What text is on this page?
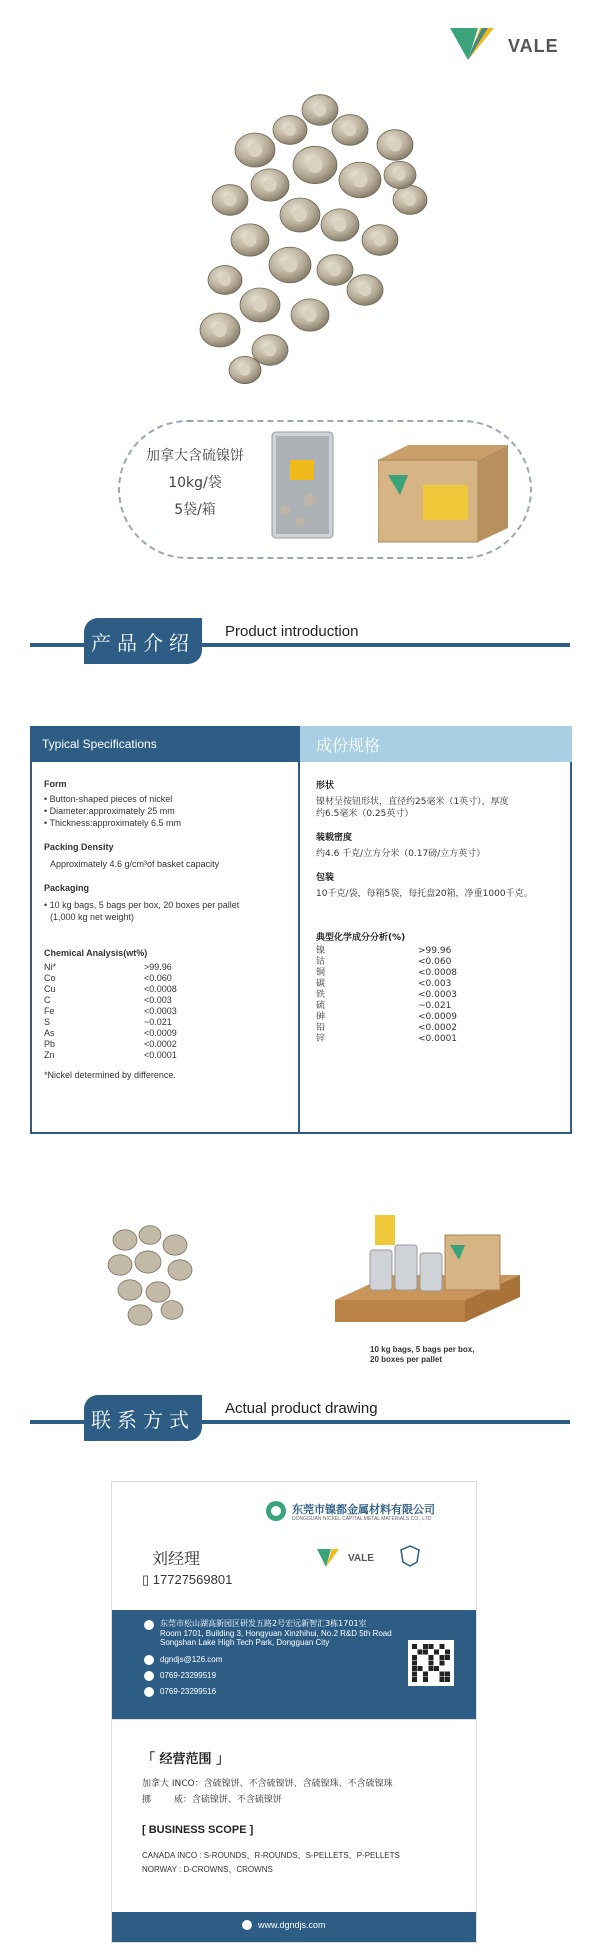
VALE
加拿大含硫镍饼
10kg/袋
5袋/箱
产品介绍	Product introduction
Typical Specifications	成份规格
Form
• Button-shaped pieces of nickel
• Diameter:approximately 25 mm
• Thickness:approximately 6.5 mm
Packing Density
Approximately 4.6 g/cm³of basket capacity
Packaging
• 10 kg bags, 5 bags per box, 20 boxes per pallet
(1,000 kg net weight)
Chemical Analysis(wt%)
Ni*	>99.96
Co	<0.060
Cu	<0.0008
C	<0.003
Fe	<0.0003
S	~0.021
As	<0.0009
Pb	<0.0002
Zn	<0.0001
*Nickel determined by difference.
形状
镍材呈按钮形状，直径约25毫米（1英寸），厚度
约6.5毫米（0.25英寸）
装载密度
约4.6 千克/立方分米（0.17磅/立方英寸）
包装
10千克/袋，每箱5袋，每托盘20箱，净重1000千克。
典型化学成分分析(%)
镍	>99.96
钴	<0.060
铜	<0.0008
碳	<0.003
铁	<0.0003
硫	~0.021
砷	<0.0009
铅	<0.0002
锌	<0.0001
10 kg bags, 5 bags per box,
20 boxes per pallet
联系方式	Actual product drawing
东莞市镍都金属材料有限公司
DONGGUAN NICKEL CAPITAL METAL MATERIALS CO., LTD
刘经理
▯ 17727569801
VALE
东莞市松山湖高新园区研发五路2号宏远新智汇3栋1701室
Room 1701, Building 3, Hongyuan Xinzhihui, No.2 R&D 5th Road
Songshan Lake High Tech Park, Dongguan City
dgndjs@126.com
0769-23299519
0769-23299516
「 经营范围 」
加拿大 INCO：含硫镍饼、不含硫镍饼、含硫镍珠、不含硫镍珠
挪        威：含硫镍饼、不含硫镍饼
[ BUSINESS SCOPE ]
CANADA INCO : S-ROUNDS、R-ROUNDS、S-PELLETS、P-PELLETS
NORWAY : D-CROWNS、CROWNS
www.dgndjs.com
